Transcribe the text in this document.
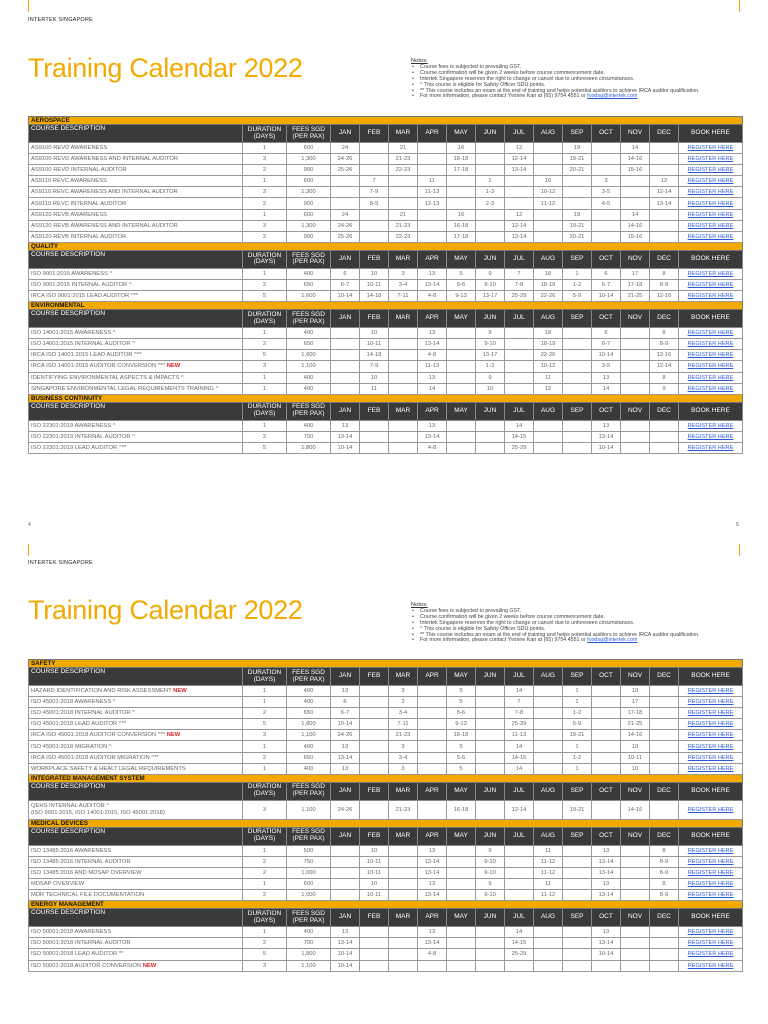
INTERTEK SINGAPORE
Training Calendar 2022	Notes:
• Course fees is subjected to prevailing GST.
• Course confirmation will be given 2 weeks before course commencement date.
• Intertek Singapore reserves the right to change or cancel due to unforeseen circumstances.
• ^ This course is eligible for Safety Officer SDU points.
• ** This course includes an exam at the end of training and helps potential auditors to achieve IRCA auditor qualification.
• For more information, please contact Yvonne Kan at (65) 9754 4551 or foodsg@intertek.com
AEROSPACE															
COURSE DESCRIPTION	DURATION (DAYS)	FEES SGD (PER PAX)	JAN	FEB	MAR	APR	MAY	JUN	JUL	AUG	SEP	OCT	NOV	DEC	BOOK HERE
AS9100 REVD AWARENESS	1	600	24		21		16		12		19		14		REGISTER HERE
AS9100 REVD AWARENESS AND INTERNAL AUDITOR	3	1,300	24-26		21-23		16-18		12-14		19-21		14-16		REGISTER HERE
AS9100 REVD INTERNAL AUDITOR	2	900	25-26		22-23		17-18		13-14		20-21		15-16		REGISTER HERE
AS9110 REVC AWARENESS	1	600		7		11		1		10		3		12	REGISTER HERE
AS9110 REVC AWARENESS AND INTERNAL AUDITOR	3	1,300		7-9		11-13		1-3		10-12		3-5		12-14	REGISTER HERE
AS9110 REVC INTERNAL AUDITOR	2	900		8-9		12-13		2-3		11-12		4-5		13-14	REGISTER HERE
AS9120 REVB AWARENESS	1	600	24		21		16		12		19		14		REGISTER HERE
AS9120 REVB AWARENESS AND INTERNAL AUDITOR	3	1,300	24-26		21-23		16-18		12-14		19-21		14-16		REGISTER HERE
AS9120 REVB INTERNAL AUDITOR	2	900	25-26		22-23		17-18		13-14		20-21		15-16		REGISTER HERE
QUALITY															
COURSE DESCRIPTION	DURATION (DAYS)	FEES SGD (PER PAX)	JAN	FEB	MAR	APR	MAY	JUN	JUL	AUG	SEP	OCT	NOV	DEC	BOOK HERE
ISO 9001:2015 AWARENESS ^	1	400	6	10	3	13	5	9	7	18	1	6	17	8	REGISTER HERE
ISO 9001:2015 INTERNAL AUDITOR ^	2	650	6-7	10-11	3-4	13-14	5-6	9-10	7-8	18-19	1-2	6-7	17-18	8-9	REGISTER HERE
IRCA ISO 9001:2015 LEAD AUDITOR ^**	5	1,600	10-14	14-18	7-11	4-8	9-13	13-17	25-29	22-26	5-9	10-14	21-25	12-16	REGISTER HERE
ENVIRONMENTAL															
COURSE DESCRIPTION	DURATION (DAYS)	FEES SGD (PER PAX)	JAN	FEB	MAR	APR	MAY	JUN	JUL	AUG	SEP	OCT	NOV	DEC	BOOK HERE
ISO 14001:2015 AWARENESS ^	1	400		10		13		9		18		6		8	REGISTER HERE
ISO 14001:2015 INTERNAL AUDITOR ^	2	650		10-11		13-14		9-10		18-19		6-7		8-9	REGISTER HERE
IRCA ISO 14001:2015 LEAD AUDITOR ^**	5	1,600		14-18		4-8		13-17		22-26		10-14		12-16	REGISTER HERE
IRCA ISO 14001:2015 AUDITOR CONVERSION ^** NEW	3	1,100		7-9		11-13		1-3		10-12		3-5		12-14	REGISTER HERE
IDENTIFYING ENVIRONMENTAL ASPECTS & IMPACTS ^	1	400		10		13		9		11		13		8	REGISTER HERE
SINGAPORE ENVIRONMENTAL LEGAL REQUIREMENTS TRAINING ^	1	400		11		14		10		12		14		9	REGISTER HERE
BUSINESS CONTINUITY															
COURSE DESCRIPTION	DURATION (DAYS)	FEES SGD (PER PAX)	JAN	FEB	MAR	APR	MAY	JUN	JUL	AUG	SEP	OCT	NOV	DEC	BOOK HERE
ISO 22301:2019 AWARENESS ^	1	400	13			13			14			13			REGISTER HERE
ISO 22301:2019 INTERNAL AUDITOR ^	2	700	13-14			13-14			14-15			13-14			REGISTER HERE
ISO 22301:2019 LEAD AUDITOR ^**	5	1,800	10-14			4-8			25-29			10-14			REGISTER HERE
4	5
INTERTEK SINGAPORE
Training Calendar 2022	Notes:
• Course fees is subjected to prevailing GST.
• Course confirmation will be given 2 weeks before course commencement date.
• Intertek Singapore reserves the right to change or cancel due to unforeseen circumstances.
• ^ This course is eligible for Safety Officer SDU points.
• ** This course includes an exam at the end of training and helps potential auditors to achieve IRCA auditor qualification.
• For more information, please contact Yvonne Kan at (65) 9754 4551 or foodsg@intertek.com
SAFETY															
COURSE DESCRIPTION	DURATION (DAYS)	FEES SGD (PER PAX)	JAN	FEB	MAR	APR	MAY	JUN	JUL	AUG	SEP	OCT	NOV	DEC	BOOK HERE
HAZARD IDENTIFICATION AND RISK ASSESSMENT NEW	1	400	13		3		5		14		1		10		REGISTER HERE
ISO 45001:2018 AWARENESS ^	1	400	6		3		5		7		1		17		REGISTER HERE
ISO 45001:2018 INTERNAL AUDITOR ^	2	650	6-7		3-4		5-6		7-8		1-2		17-18		REGISTER HERE
ISO 45001:2018 LEAD AUDITOR ^**	5	1,800	10-14		7-11		9-13		25-29		5-9		21-25		REGISTER HERE
IRCA ISO 45001:2018 AUDITOR CONVERSION ^** NEW	3	1,100	24-26		21-23		16-18		11-13		19-21		14-16		REGISTER HERE
ISO 45001:2018 MIGRATION ^	1	400	13		3		5		14		1		10		REGISTER HERE
IRCA ISO 45001:2018 AUDITOR MIGRATION ^**	2	650	13-14		3-4		5-6		14-15		1-2		10-11		REGISTER HERE
WORKPLACE SAFETY & HEALT LEGAL REQUIREMENTS	1	400	13		3		5		14		1		10		REGISTER HERE
INTEGRATED MANAGEMENT SYSTEM															
COURSE DESCRIPTION	DURATION (DAYS)	FEES SGD (PER PAX)	JAN	FEB	MAR	APR	MAY	JUN	JUL	AUG	SEP	OCT	NOV	DEC	BOOK HERE
QEHS INTERNAL AUDITOR ^
(ISO 9001:2015, ISO 14001:2015, ISO 45001:2018)	3	1,100	24-26		21-23		16-18		12-14		19-21		14-16		REGISTER HERE
MEDICAL DEVICES															
COURSE DESCRIPTION	DURATION (DAYS)	FEES SGD (PER PAX)	JAN	FEB	MAR	APR	MAY	JUN	JUL	AUG	SEP	OCT	NOV	DEC	BOOK HERE
ISO 13485:2016 AWARENESS	1	500		10		13		9		11		13		8	REGISTER HERE
ISO 13485:2016 INTERNAL AUDITOR	2	750		10-11		13-14		9-10		11-12		13-14		8-9	REGISTER HERE
ISO 13485:2016 AND MDSAP OVERVIEW	2	1,000		10-11		13-14		9-10		11-12		13-14		8-9	REGISTER HERE
MDSAP OVERVIEW	1	600		10		13		9		11		13		8	REGISTER HERE
MDR TECHNICAL FILE DOCUMENTATION	2	1,000		10-11		13-14		9-10		11-12		13-14		8-9	REGISTER HERE
ENERGY MANAGEMENT															
COURSE DESCRIPTION	DURATION (DAYS)	FEES SGD (PER PAX)	JAN	FEB	MAR	APR	MAY	JUN	JUL	AUG	SEP	OCT	NOV	DEC	BOOK HERE
ISO 50001:2018 AWARENESS	1	400	13			13			14			13			REGISTER HERE
ISO 50001:2018 INTERNAL AUDITOR	2	700	13-14			13-14			14-15			13-14			REGISTER HERE
ISO 50001:2018 LEAD AUDITOR **	5	1,800	10-14			4-8			25-29			10-14			REGISTER HERE
ISO 50001:2018 AUDITOR CONVERSION NEW	3	1,100	10-14												REGISTER HERE
